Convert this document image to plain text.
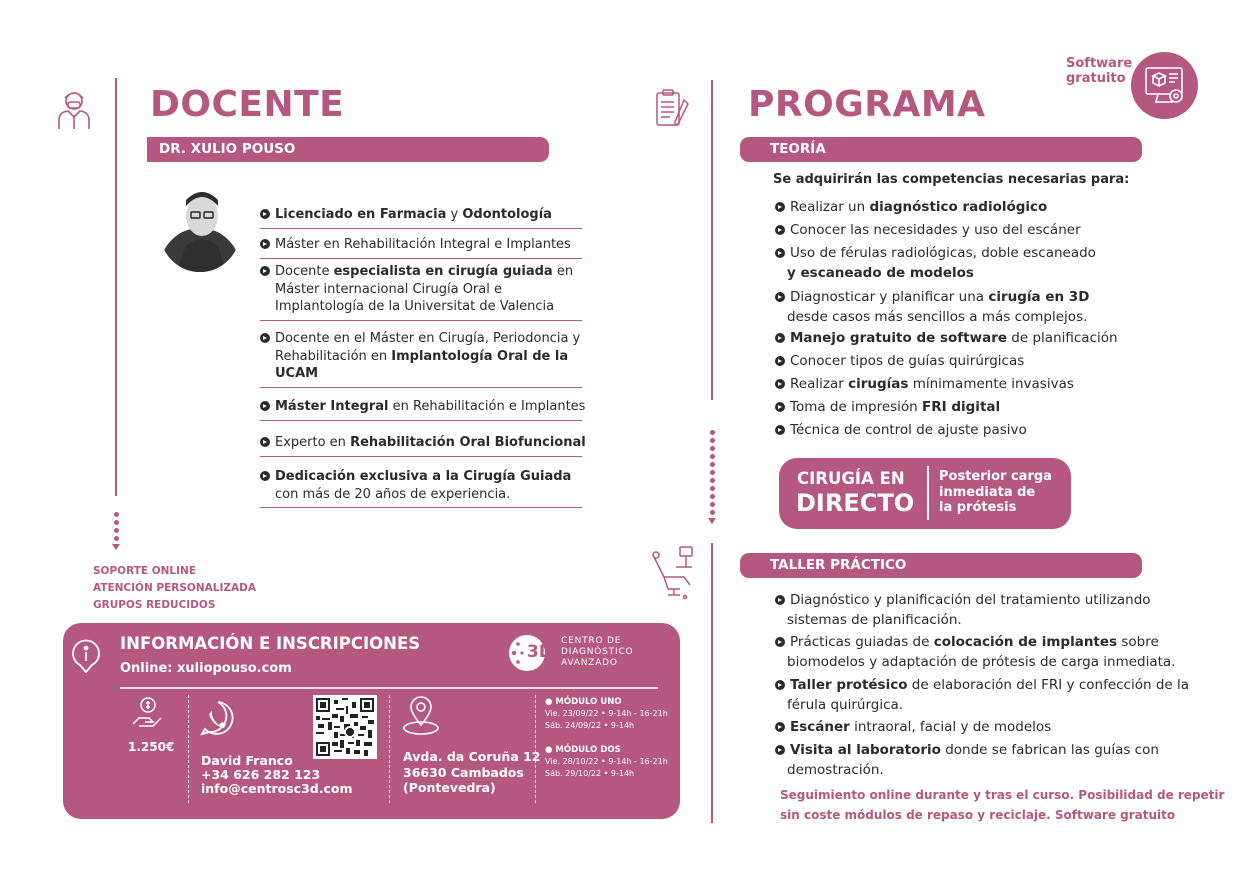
DOCENTE
DR. XULIO POUSO
Licenciado en Farmacia y Odontología
Máster en Rehabilitación Integral e Implantes
Docente especialista en cirugía guiada en Máster internacional Cirugía Oral e Implantología de la Universitat de Valencia
Docente en el Máster en Cirugía, Periodoncia y Rehabilitación en Implantología Oral de la UCAM
Máster Integral en Rehabilitación e Implantes
Experto en Rehabilitación Oral Biofuncional
Dedicación exclusiva a la Cirugía Guiada con más de 20 años de experiencia.
SOPORTE ONLINE
ATENCIÓN PERSONALIZADA
GRUPOS REDUCIDOS
INFORMACIÓN E INSCRIPCIONES
Online: xuliopouso.com
3D
CENTRO DE
DIAGNÓSTICO
AVANZADO
1.250€
David Franco
+34 626 282 123
info@centrosc3d.com
Avda. da Coruña 12
36630 Cambados
(Pontevedra)
● MÓDULO UNO
Vie. 23/09/22 • 9-14h - 16-21h
Sáb. 24/09/22 • 9-14h
● MÓDULO DOS
Vie. 28/10/22 • 9-14h - 16-21h
Sáb. 29/10/22 • 9-14h
PROGRAMA
Software
gratuito
TEORÍA
Se adquirirán las competencias necesarias para:
Realizar un diagnóstico radiológico
Conocer las necesidades y uso del escáner
Uso de férulas radiológicas, doble escaneado
y escaneado de modelos
Diagnosticar y planificar una cirugía en 3D
desde casos más sencillos a más complejos.
Manejo gratuito de software de planificación
Conocer tipos de guías quirúrgicas
Realizar cirugías mínimamente invasivas
Toma de impresión FRI digital
Técnica de control de ajuste pasivo
CIRUGÍA EN
DIRECTO
Posterior carga
inmediata de
la prótesis
TALLER PRÁCTICO
Diagnóstico y planificación del tratamiento utilizando
sistemas de planificación.
Prácticas guiadas de colocación de implantes sobre
biomodelos y adaptación de prótesis de carga inmediata.
Taller protésico de elaboración del FRI y confección de la
férula quirúrgica.
Escáner intraoral, facial y de modelos
Visita al laboratorio donde se fabrican las guías con
demostración.
Seguimiento online durante y tras el curso. Posibilidad de repetir
sin coste módulos de repaso y reciclaje. Software gratuito
